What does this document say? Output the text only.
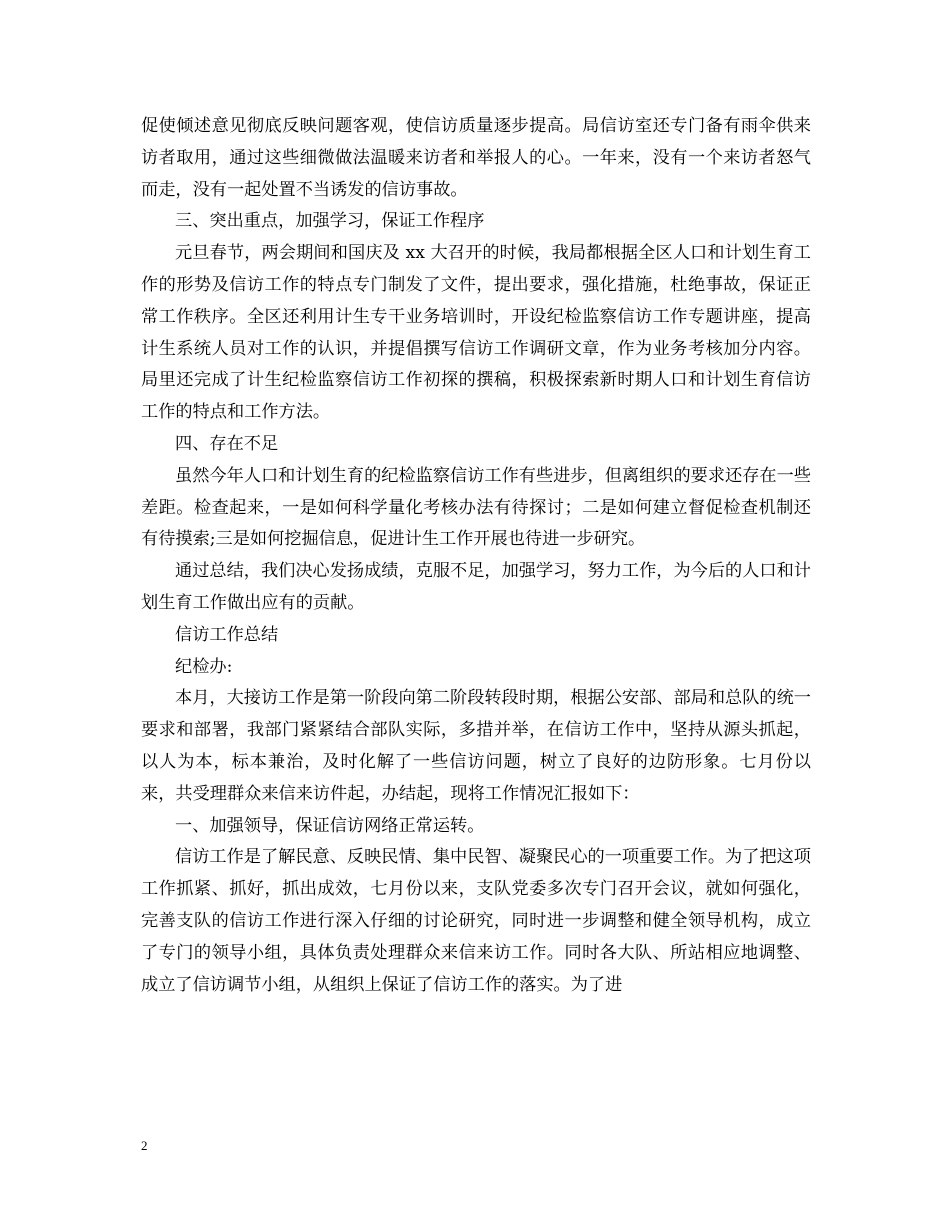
促使倾述意见彻底反映问题客观，使信访质量逐步提高。局信访室还专门备有雨伞供来访者取用，通过这些细微做法温暖来访者和举报人的心。一年来，没有一个来访者怒气而走，没有一起处置不当诱发的信访事故。

三、突出重点，加强学习，保证工作程序

元旦春节，两会期间和国庆及 xx 大召开的时候，我局都根据全区人口和计划生育工作的形势及信访工作的特点专门制发了文件，提出要求，强化措施，杜绝事故，保证正常工作秩序。全区还利用计生专干业务培训时，开设纪检监察信访工作专题讲座，提高计生系统人员对工作的认识，并提倡撰写信访工作调研文章，作为业务考核加分内容。局里还完成了计生纪检监察信访工作初探的撰稿，积极探索新时期人口和计划生育信访工作的特点和工作方法。

四、存在不足

虽然今年人口和计划生育的纪检监察信访工作有些进步，但离组织的要求还存在一些差距。检查起来，一是如何科学量化考核办法有待探讨；二是如何建立督促检查机制还有待摸索;三是如何挖掘信息，促进计生工作开展也待进一步研究。

通过总结，我们决心发扬成绩，克服不足，加强学习，努力工作，为今后的人口和计划生育工作做出应有的贡献。

信访工作总结

纪检办:

本月，大接访工作是第一阶段向第二阶段转段时期，根据公安部、部局和总队的统一要求和部署，我部门紧紧结合部队实际，多措并举，在信访工作中，坚持从源头抓起，以人为本，标本兼治，及时化解了一些信访问题，树立了良好的边防形象。七月份以来，共受理群众来信来访件起，办结起，现将工作情况汇报如下：

一、加强领导，保证信访网络正常运转。

信访工作是了解民意、反映民情、集中民智、凝聚民心的一项重要工作。为了把这项工作抓紧、抓好，抓出成效，七月份以来，支队党委多次专门召开会议，就如何强化，完善支队的信访工作进行深入仔细的讨论研究，同时进一步调整和健全领导机构，成立了专门的领导小组，具体负责处理群众来信来访工作。同时各大队、所站相应地调整、成立了信访调节小组，从组织上保证了信访工作的落实。为了进

2
